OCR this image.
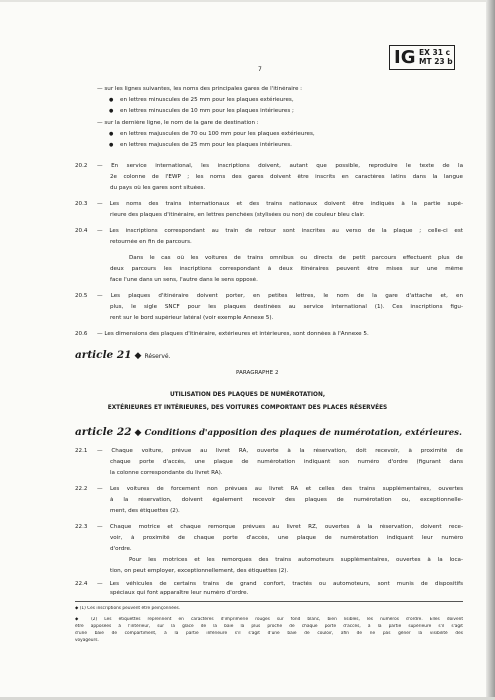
IG EX 31 c
MT 23 b
7
— sur les lignes suivantes, les noms des principales gares de l'itinéraire :
● en lettres minuscules de 25 mm pour les plaques extérieures,
● en lettres minuscules de 10 mm pour les plaques intérieures ;
— sur la dernière ligne, le nom de la gare de destination :
● en lettres majuscules de 70 ou 100 mm pour les plaques extérieures,
● en lettres majuscules de 25 mm pour les plaques intérieures.
20.2 — En service international, les inscriptions doivent, autant que possible, reproduire le texte de la
2e colonne de l'EWP ; les noms des gares doivent être inscrits en caractères latins dans la langue
du pays où les gares sont situées.
20.3 — Les noms des trains internationaux et des trains nationaux doivent être indiqués à la partie supé-
rieure des plaques d'itinéraire, en lettres penchées (stylisées ou non) de couleur bleu clair.
20.4 — Les inscriptions correspondant au train de retour sont inscrites au verso de la plaque ; celle-ci est
retournée en fin de parcours.
Dans le cas où les voitures de trains omnibus ou directs de petit parcours effectuent plus de
deux parcours les inscriptions correspondant à deux itinéraires peuvent être mises sur une même
face l'une dans un sens, l'autre dans le sens opposé.
20.5 — Les plaques d'itinéraire doivent porter, en petites lettres, le nom de la gare d'attache et, en
plus, le sigle SNCF pour les plaques destinées au service international (1). Ces inscriptions figu-
rent sur le bord supérieur latéral (voir exemple Annexe 5).
20.6 — Les dimensions des plaques d'itinéraire, extérieures et intérieures, sont données à l'Annexe 5.
article 21 ◆ Réservé.
PARAGRAPHE 2
UTILISATION DES PLAQUES DE NUMÉROTATION,
EXTÉRIEURES ET INTÉRIEURES, DES VOITURES COMPORTANT DES PLACES RÉSERVÉES
article 22 ◆ Conditions d'apposition des plaques de numérotation, extérieures.
22.1 — Chaque voiture, prévue au livret RA, ouverte à la réservation, doit recevoir, à proximité de
chaque porte d'accès, une plaque de numérotation indiquant son numéro d'ordre (figurant dans
la colonne correspondante du livret RA).
22.2 — Les voitures de forcement non prévues au livret RA et celles des trains supplémentaires, ouvertes
à la réservation, doivent également recevoir des plaques de numérotation ou, exceptionnelle-
ment, des étiquettes (2).
22.3 — Chaque motrice et chaque remorque prévues au livret RZ, ouvertes à la réservation, doivent rece-
voir, à proximité de chaque porte d'accès, une plaque de numérotation indiquant leur numéro
d'ordre.
Pour les motrices et les remorques des trains automoteurs supplémentaires, ouvertes à la loca-
tion, on peut employer, exceptionnellement, des étiquettes (2).
22.4 — Les véhicules de certains trains de grand confort, tractés ou automoteurs, sont munis de dispositifs
spéciaux qui font apparaître leur numéro d'ordre.
◆ (1) Ces inscriptions peuvent être peinçonnées.
◆ (2) Les étiquettes reprennent en caractères d'imprimerie rouges sur fond blanc, bien lisibles, les numéros d'ordre. Elles doivent
être apposées à l'intérieur, sur la glace de la baie la plus proche de chaque porte d'accès, à la partie supérieure s'il s'agit
d'une baie de compartiment, à la partie inférieure s'il s'agit d'une baie de couloir, afin de ne pas gêner la visibilité des
voyageurs.
